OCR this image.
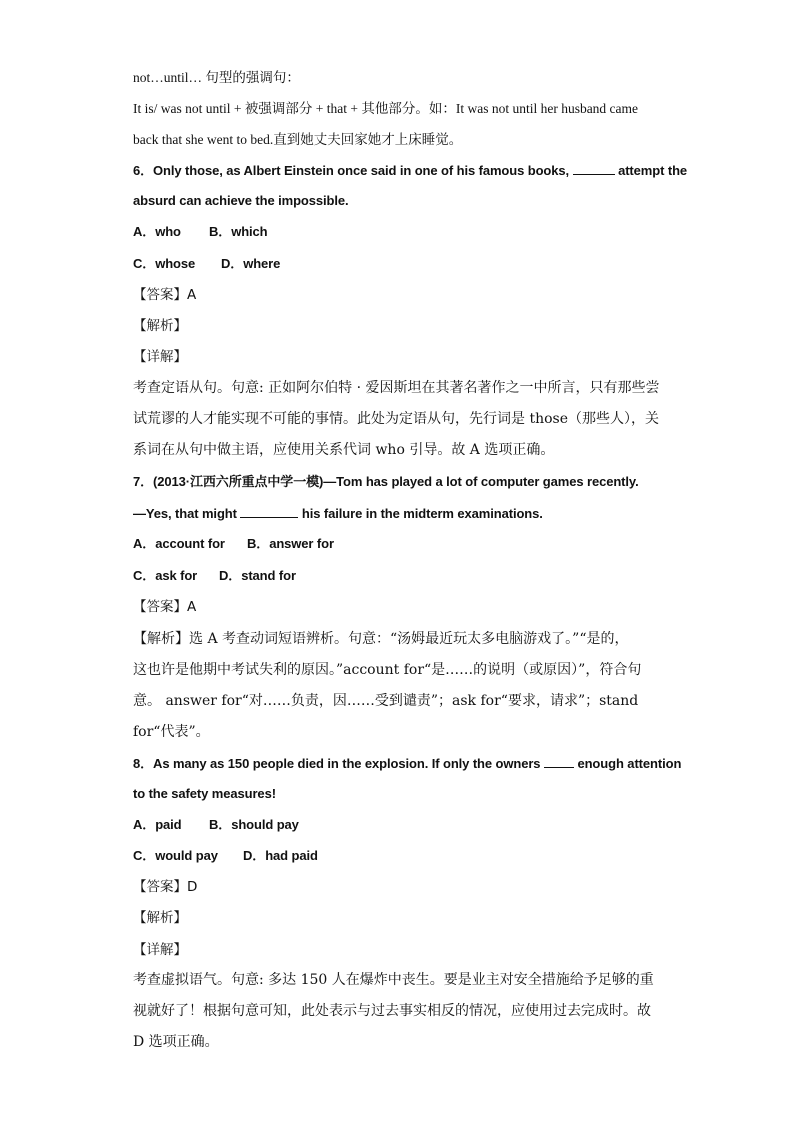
not…until… 句型的强调句：
It is/ was not until + 被强调部分 + that + 其他部分。如：It was not until her husband came
back that she went to bed.直到她丈夫回家她才上床睡觉。
6．Only those, as Albert Einstein once said in one of his famous books,	attempt the
absurd can achieve the impossible.
A．who B．which
C．whose D．where
【答案】A
【解析】
【详解】
考查定语从句。句意: 正如阿尔伯特 · 爱因斯坦在其著名著作之一中所言，只有那些尝试荒谬的人才能实现不可能的事情。此处为定语从句，先行词是 those（那些人），关系词在从句中做主语，应使用关系代词 who 引导。故 A 选项正确。
7．(2013·江西六所重点中学一模)—Tom has played a lot of computer games recently.
—Yes, that might	his failure in the midterm examinations.
A．account for B．answer for
C．ask for D．stand for
【答案】A
【解析】选 A 考查动词短语辨析。句意：“汤姆最近玩太多电脑游戏了。”“是的，
这也许是他期中考试失利的原因。”account for“是……的说明（或原因）”，符合句
意。 answer for“对……负责，因……受到谴责”；ask for“要求，请求”；stand
for“代表”。
8．As many as 150 people died in the explosion. If only the owners  enough attention
to the safety measures!
A．paid B．should pay
C．would pay D．had paid
【答案】D
【解析】
【详解】
考查虚拟语气。句意: 多达 150 人在爆炸中丧生。要是业主对安全措施给予足够的重视就好了！根据句意可知，此处表示与过去事实相反的情况，应使用过去完成时。故 D 选项正确。
